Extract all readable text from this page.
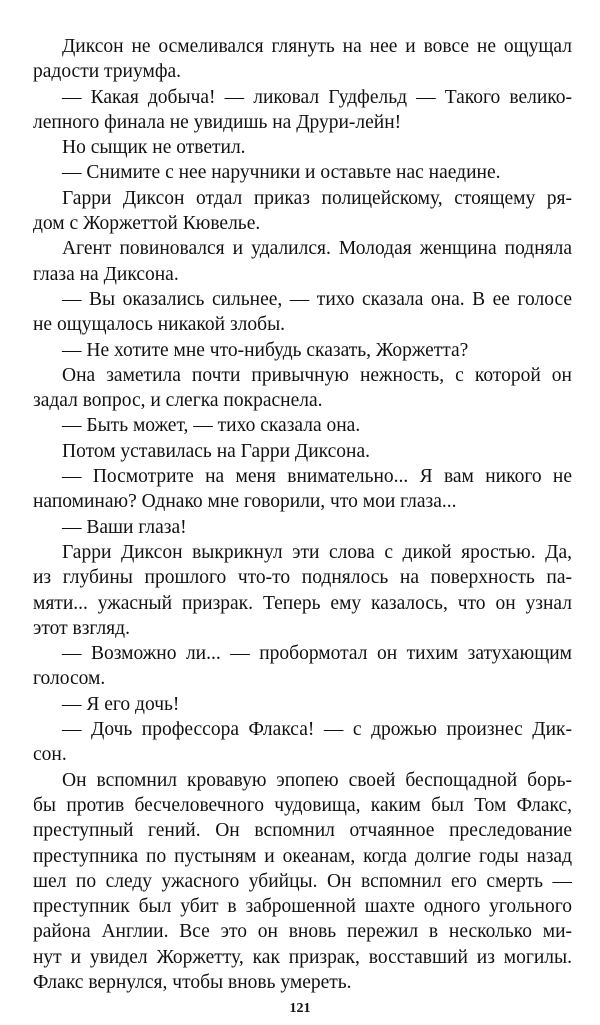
Диксон не осмеливался глянуть на нее и вовсе не ощущал
радости триумфа.
— Какая добыча! — ликовал Гудфельд — Такого велико-
лепного финала не увидишь на Друри-лейн!
Но сыщик не ответил.
— Снимите с нее наручники и оставьте нас наедине.
Гарри Диксон отдал приказ полицейскому, стоящему ря-
дом с Жоржеттой Кювелье.
Агент повиновался и удалился. Молодая женщина подняла
глаза на Диксона.
— Вы оказались сильнее, — тихо сказала она. В ее голосе
не ощущалось никакой злобы.
— Не хотите мне что-нибудь сказать, Жоржетта?
Она заметила почти привычную нежность, с которой он
задал вопрос, и слегка покраснела.
— Быть может, — тихо сказала она.
Потом уставилась на Гарри Диксона.
— Посмотрите на меня внимательно... Я вам никого не
напоминаю? Однако мне говорили, что мои глаза...
— Ваши глаза!
Гарри Диксон выкрикнул эти слова с дикой яростью. Да,
из глубины прошлого что-то поднялось на поверхность па-
мяти... ужасный призрак. Теперь ему казалось, что он узнал
этот взгляд.
— Возможно ли... — пробормотал он тихим затухающим
голосом.
— Я его дочь!
— Дочь профессора Флакса! — с дрожью произнес Дик-
сон.
Он вспомнил кровавую эпопею своей беспощадной борь-
бы против бесчеловечного чудовища, каким был Том Флакс,
преступный гений. Он вспомнил отчаянное преследование
преступника по пустыням и океанам, когда долгие годы назад
шел по следу ужасного убийцы. Он вспомнил его смерть —
преступник был убит в заброшенной шахте одного угольного
района Англии. Все это он вновь пережил в несколько ми-
нут и увидел Жоржетту, как призрак, восставший из могилы.
Флакс вернулся, чтобы вновь умереть.
121
